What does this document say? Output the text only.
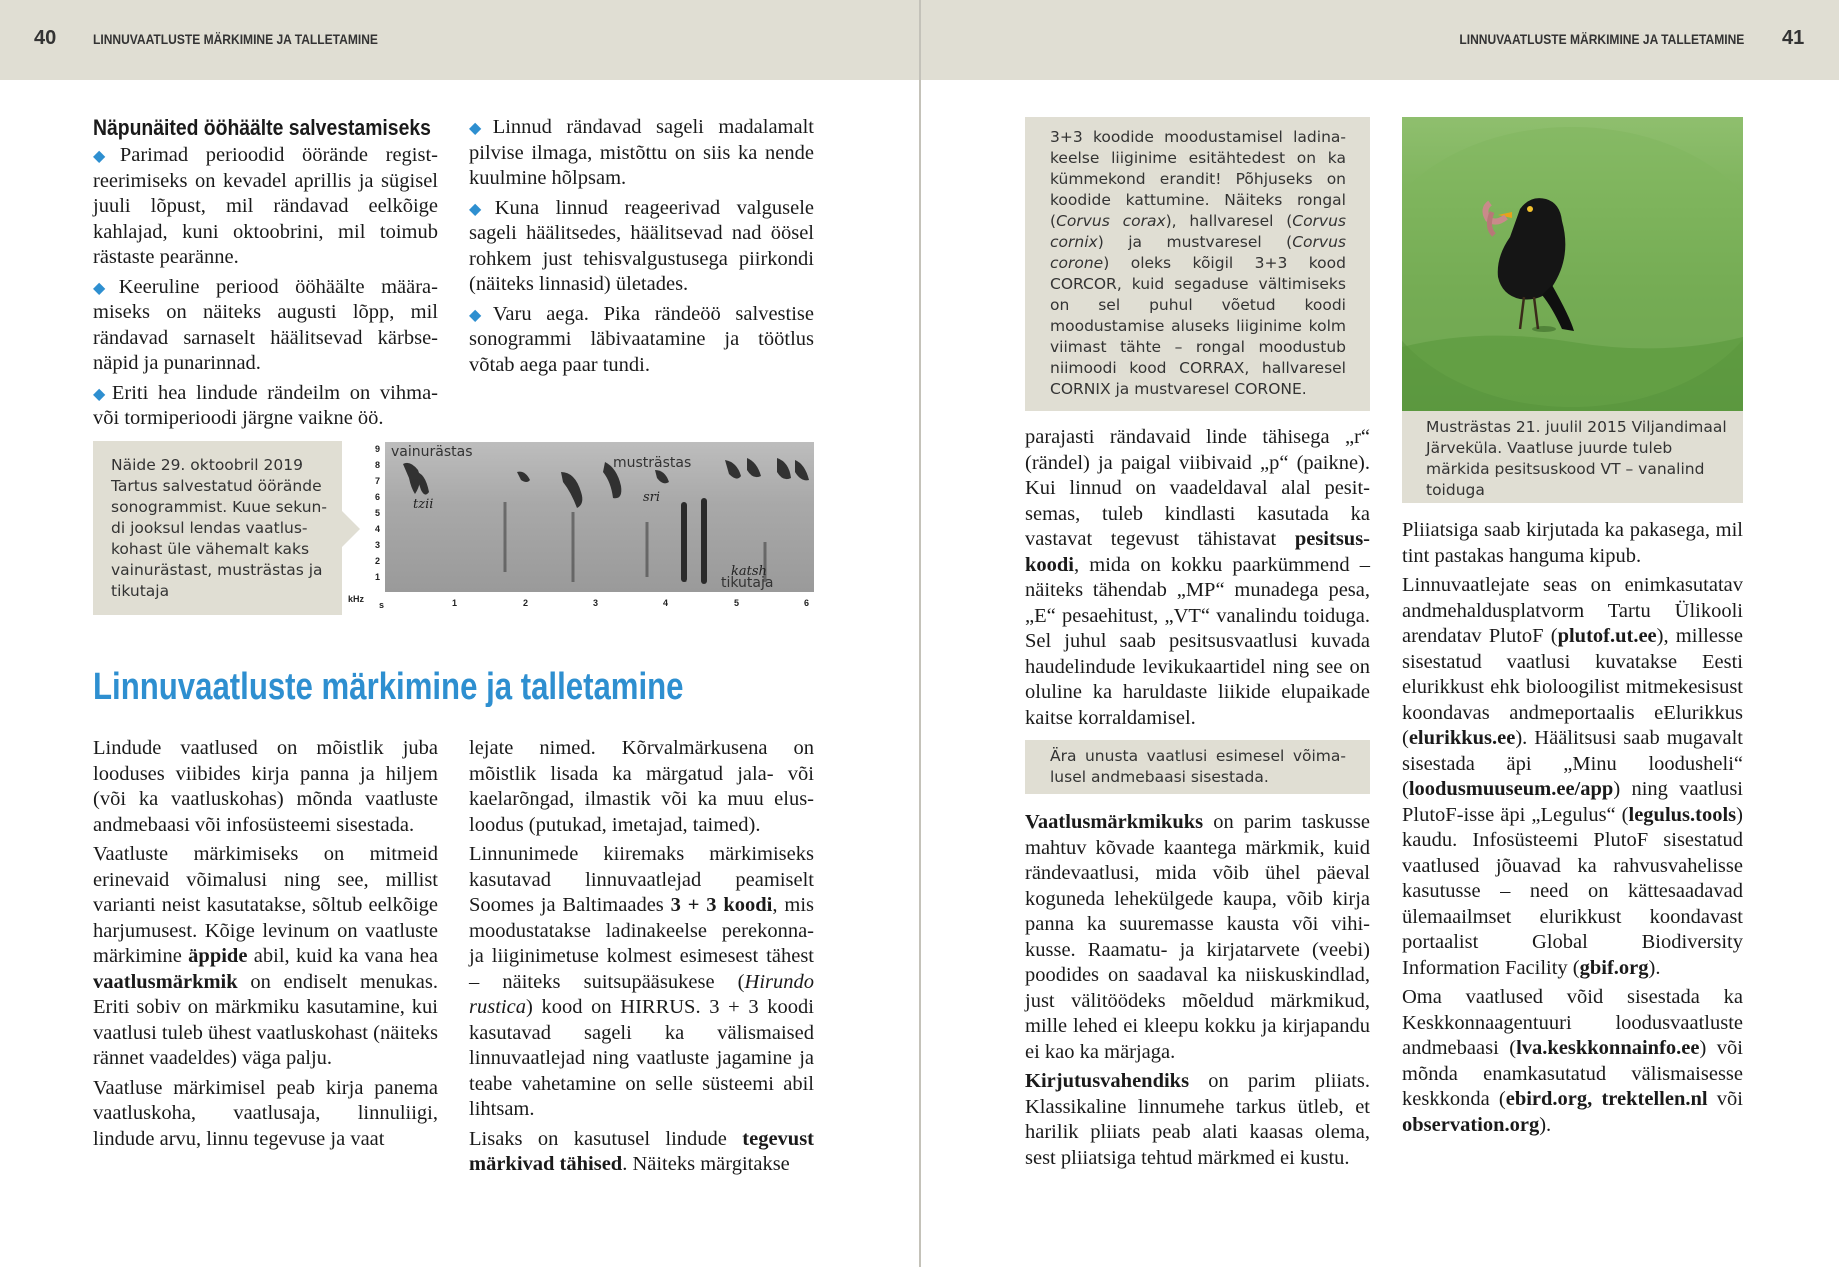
40	LINNUVAATLUSTE MÄRKIMINE JA TALLETAMINE	LINNUVAATLUSTE MÄRKIMINE JA TALLETAMINE 41
Näpunäited ööhäälte salvestamiseks

◆Parimad perioodid öörände registreerimiseks on kevadel aprillis ja sügisel juuli lõpust, mil rändavad eelkõige kahlajad, kuni oktoobrini, mil toimub rästaste pearänne.

◆Keeruline periood ööhäälte määramiseks on näiteks augusti lõpp, mil rändavad sarnaselt häälitsevad kärbsenäpid ja punarinnad.

◆Eriti hea lindude rändeilm on vihma- või tormiperioodi järgne vaikne öö.

◆Linnud rändavad sageli madalamalt pilvise ilmaga, mistõttu on siis ka nende kuulmine hõlpsam.

◆Kuna linnud reageerivad valgusele sageli häälitsedes, häälitsevad nad öösel rohkem just tehisvalgustusega piirkondi (näiteks linnasid) ületades.

◆Varu aega. Pika rändeöö salvestise sonogrammi läbivaatamine ja töötlus võtab aega paar tundi.

Näide 29. oktoobril 2019 Tartus salvestatud öörände sonogrammist. Kuue sekundi jooksul lendas vaatluskohast üle vähemalt kaks vainurästast, musträstas ja tikutaja
vainurästas
musträstas
tikutaja
tzii	sri
katsh
9
8
7
6
5
4
3
2
1
kHz
s	1	2	3	4	5	6
Linnuvaatluste märkimine ja talletamine

Lindude vaatlused on mõistlik juba looduses viibides kirja panna ja hiljem (või ka vaatluskohas) mõnda vaatluste andmebaasi või infosüsteemi sisestada.

Vaatluste märkimiseks on mitmeid erinevaid võimalusi ning see, millist varianti neist kasutatakse, sõltub eelkõige harjumusest. Kõige levinum on vaatluste märkimine äppide abil, kuid ka vana hea vaatlusmärkmik on endiselt menukas. Eriti sobiv on märkmiku kasutamine, kui vaatlusi tuleb ühest vaatluskohast (näiteks rännet vaadeldes) väga palju.

Vaatluse märkimisel peab kirja panema vaatluskoha, vaatlusaja, linnuliigi, lindude arvu, linnu tegevuse ja vaat

lejate nimed. Kõrvalmärkusena on mõistlik lisada ka märgatud jala- või kaelarõngad, ilmastik või ka muu elusloodus (putukad, imetajad, taimed).

Linnunimede kiiremaks märkimiseks kasutavad linnuvaatlejad peamiselt Soomes ja Baltimaades 3 + 3 koodi, mis moodustatakse ladinakeelse perekonna- ja liiginimetuse kolmest esimesest tähest – näiteks suitsupääsukese (Hirundo rustica) kood on HIRRUS. 3 + 3 koodi kasutavad sageli ka välismaised linnuvaatlejad ning vaatluste jagamine ja teabe vahetamine on selle süsteemi abil lihtsam.

Lisaks on kasutusel lindude tegevust märkivad tähised. Näiteks märgitakse

3+3 koodide moodustamisel ladinakeelse liiginime esitähtedest on ka kümmekond erandit! Põhjuseks on koodide kattumine. Näiteks rongal (Corvus corax), hallvaresel (Corvus cornix) ja mustvaresel (Corvus corone) oleks kõigil 3+3 kood CORCOR, kuid segaduse vältimiseks on sel puhul võetud koodi moodustamise aluseks liiginime kolm viimast tähte – rongal moodustub niimoodi kood CORRAX, hallvaresel CORNIX ja mustvaresel CORONE.

parajasti rändavaid linde tähisega „r“ (rändel) ja paigal viibivaid „p“ (paikne). Kui linnud on vaadeldaval alal pesitsemas, tuleb kindlasti kasutada ka vastavat tegevust tähistavat pesitsuskoodi, mida on kokku paarkümmend – näiteks tähendab „MP“ munadega pesa, „E“ pesaehitust, „VT“ vanalindu toiduga. Sel juhul saab pesitsusvaatlusi kuvada haudelindude levikukaartidel ning see on oluline ka haruldaste liikide elupaikade kaitse korraldamisel.

Ära unusta vaatlusi esimesel võimalusel andmebaasi sisestada.

Vaatlusmärkmikuks on parim taskusse mahtuv kõvade kaantega märkmik, kuid rändevaatlusi, mida võib ühel päeval koguneda lehekülgede kaupa, võib kirja panna ka suuremasse kausta või vihikusse. Raamatu- ja kirjatarvete (veebi) poodides on saadaval ka niiskuskindlad, just välitöödeks mõeldud märkmikud, mille lehed ei kleepu kokku ja kirjapandu ei kao ka märjaga.

Kirjutusvahendiks on parim pliiats. Klassikaline linnumehe tarkus ütleb, et harilik pliiats peab alati kaasas olema, sest pliiatsiga tehtud märkmed ei kustu.

Musträstas 21. juulil 2015 Viljandimaal Järveküla. Vaatluse juurde tuleb märkida pesitsuskood VT – vanalind toiduga

Pliiatsiga saab kirjutada ka pakasega, mil tint pastakas hanguma kipub.

Linnuvaatlejate seas on enimkasutatav andmehaldusplatvorm Tartu Ülikooli arendatav PlutoF (plutof.ut.ee), millesse sisestatud vaatlusi kuvatakse Eesti elurikkust ehk bioloogilist mitmekesisust koondavas andmeportaalis eElurikkus (elurikkus.ee). Häälitsusi saab mugavalt sisestada äpi „Minu loodusheli“ (loodusmuuseum.ee/app) ning vaatlusi PlutoF-isse äpi „Legulus“ (legulus.tools) kaudu. Infosüsteemi PlutoF sisestatud vaatlused jõuavad ka rahvusvahelisse kasutusse – need on kättesaadavad ülemaailmset elurikkust koondavast portaalist Global Biodiversity Information Facility (gbif.org).

Oma vaatlused võid sisestada ka Keskkonnaagentuuri loodusvaatluste andmebaasi (lva.keskkonnainfo.ee) või mõnda enamkasutatud välismaisesse keskkonda (ebird.org, trektellen.nl või observation.org).
